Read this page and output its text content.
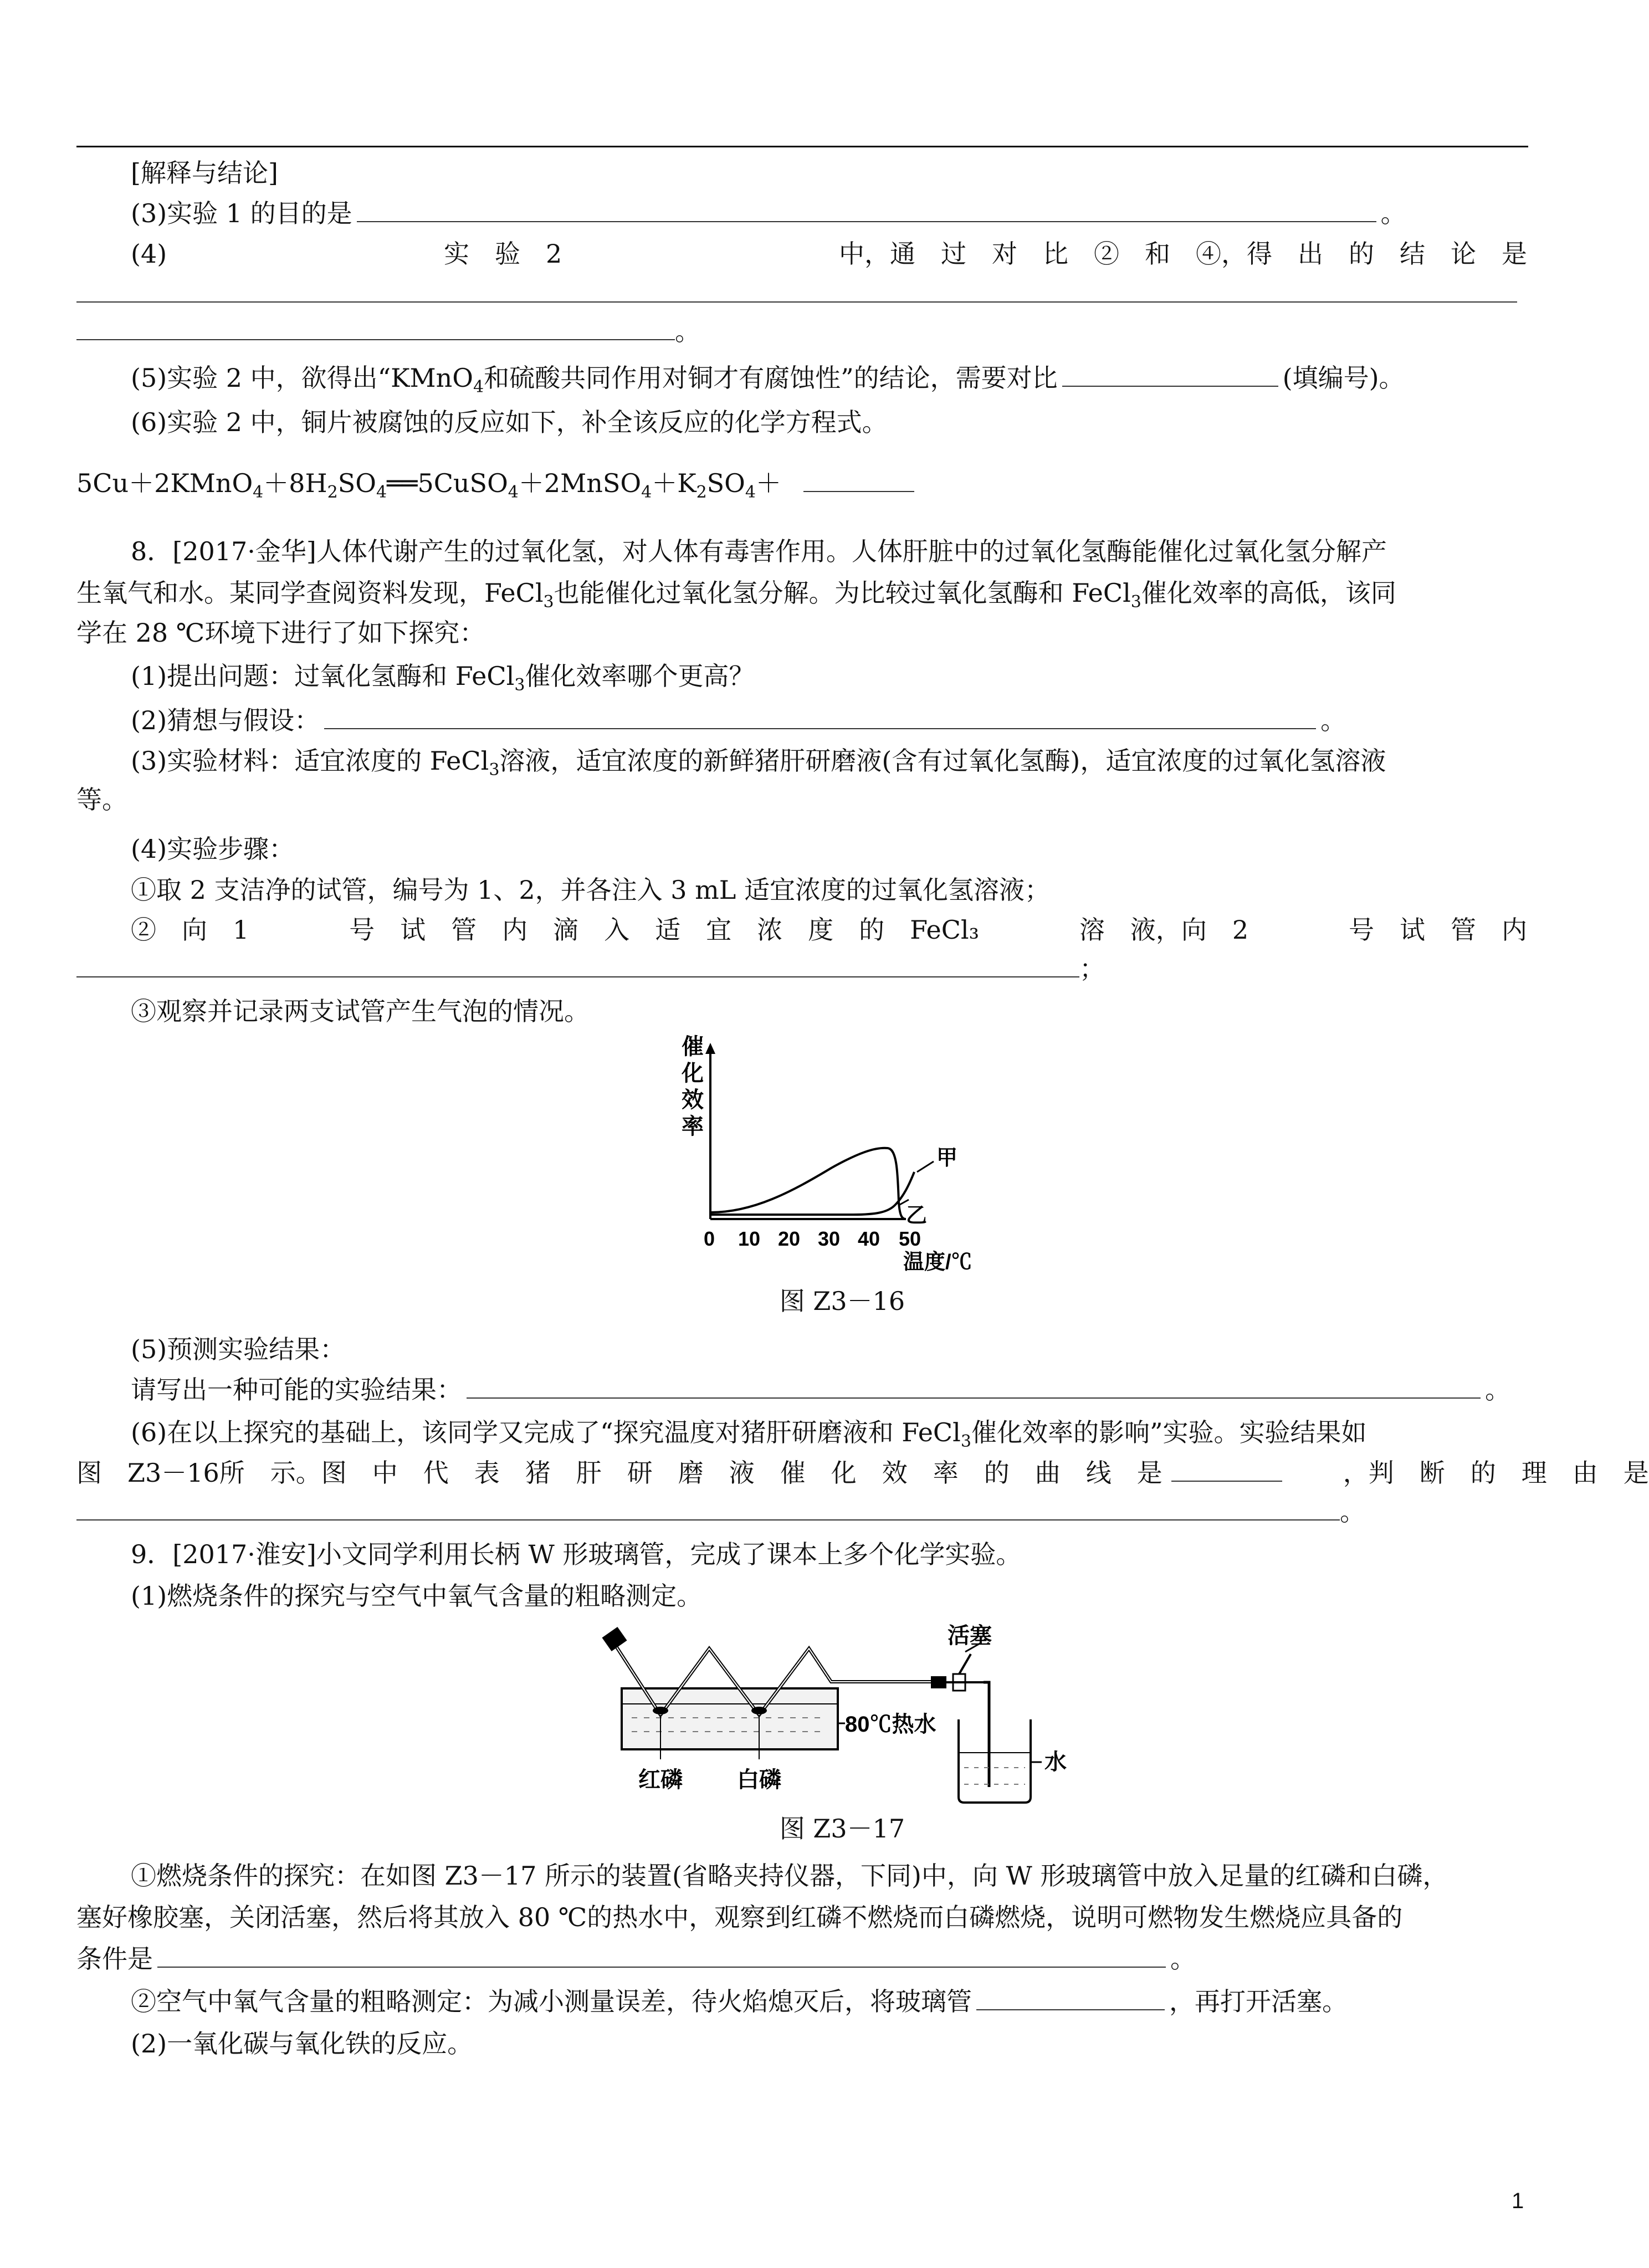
[解释与结论]
(3)实验 1 的目的是	。
(4)	实　验　2	中，通　过　对　比　②　和　④，得　出　的　结　论　是
。
(5)实验 2 中，欲得出“KMnO$_4$和硫酸共同作用对铜才有腐蚀性”的结论，需要对比	(填编号)。
(6)实验 2 中，铜片被腐蚀的反应如下，补全该反应的化学方程式。
$5Cu+2KMnO_4+8H_2SO_4══5CuSO_4+2MnSO_4+K_2SO_4+$
8．[2017·金华]人体代谢产生的过氧化氢，对人体有毒害作用。人体肝脏中的过氧化氢酶能催化过氧化氢分解产
生氧气和水。某同学查阅资料发现，FeCl$_3$也能催化过氧化氢分解。为比较过氧化氢酶和 FeCl$_3$催化效率的高低，该同
学在 28 ℃环境下进行了如下探究：
(1)提出问题：过氧化氢酶和 FeCl$_3$催化效率哪个更高？
(2)猜想与假设：	。
(3)实验材料：适宜浓度的 FeCl$_3$溶液，适宜浓度的新鲜猪肝研磨液(含有过氧化氢酶)，适宜浓度的过氧化氢溶液
等。
(4)实验步骤：
①取 2 支洁净的试管，编号为 1、2，并各注入 3 mL 适宜浓度的过氧化氢溶液；
②　向　1	号　试　管　内　滴　入　适　宜　浓　度　的　FeCl₃	溶　液，向　2	号　试　管　内
；
③观察并记录两支试管产生气泡的情况。
催
化
效
率
甲
乙
0 10 20 30 40 50
温度/℃
图 Z3－16
(5)预测实验结果：
请写出一种可能的实验结果：	。
(6)在以上探究的基础上，该同学又完成了“探究温度对猪肝研磨液和 FeCl$_3$催化效率的影响”实验。实验结果如
图　Z3 －16 所　示。图　中　代　表　猪　肝　研　磨　液　催　化　效　率　的　曲　线　是	，判　断　的　理　由　是
。
9．[2017·淮安]小文同学利用长柄 W 形玻璃管，完成了课本上多个化学实验。
(1)燃烧条件的探究与空气中氧气含量的粗略测定。
水
活塞
80℃热水
红磷 白磷
图 Z3－17
①燃烧条件的探究：在如图 Z3－17 所示的装置(省略夹持仪器，下同)中，向 W 形玻璃管中放入足量的红磷和白磷，
塞好橡胶塞，关闭活塞，然后将其放入 80 ℃的热水中，观察到红磷不燃烧而白磷燃烧，说明可燃物发生燃烧应具备的
条件是	。
②空气中氧气含量的粗略测定：为减小测量误差，待火焰熄灭后，将玻璃管	，再打开活塞。
(2)一氧化碳与氧化铁的反应。
1
